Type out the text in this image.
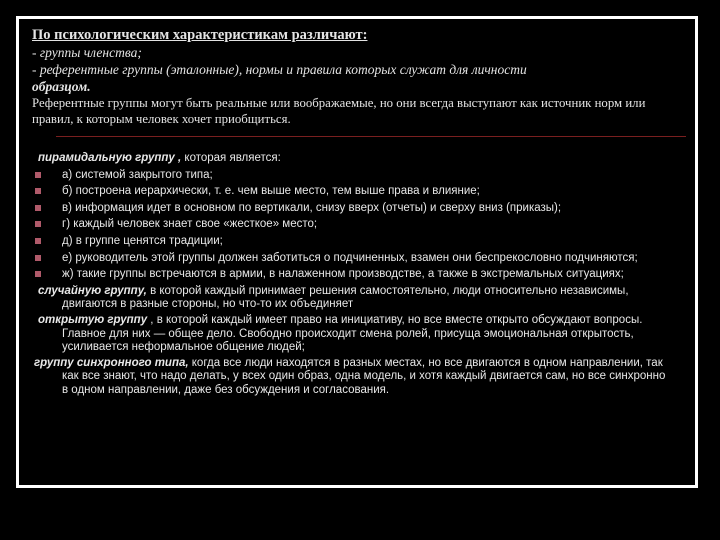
По психологическим характеристикам различают:

- группы членства;
- референтные группы (эталонные), нормы и правила которых служат для личности
образцом.
Референтные группы могут быть реальные или воображаемые, но они всегда выступают как источник норм или правил, к которым человек хочет приобщиться.

пирамидальную группу , которая является:

а) системой закрытого типа;
б) построена иерархически, т. е. чем выше место, тем выше права и влияние;
в) информация идет в основном по вертикали, снизу вверх (отчеты) и сверху вниз (приказы);
г) каждый человек знает свое «жесткое» место;
д) в группе ценятся традиции;
е) руководитель этой группы должен заботиться о подчиненных, взамен они беспрекословно подчиняются;
ж) такие группы встречаются в армии, в налаженном производстве, а также в экстремальных ситуациях;

случайную группу, в которой каждый принимает решения самостоятельно, люди относительно независимы, двигаются в разные стороны, но что-то их объединяет

открытую группу , в которой каждый имеет право на инициативу, но все вместе открыто обсуждают вопросы. Главное для них — общее дело. Свободно происходит смена ролей, присуща эмоциональная открытость, усиливается неформальное общение людей;

группу синхронного типа, когда все люди находятся в разных местах, но все двигаются в одном направлении, так как все знают, что надо делать, у всех один образ, одна модель, и хотя каждый двигается сам, но все синхронно в одном направлении, даже без обсуждения и согласования.
